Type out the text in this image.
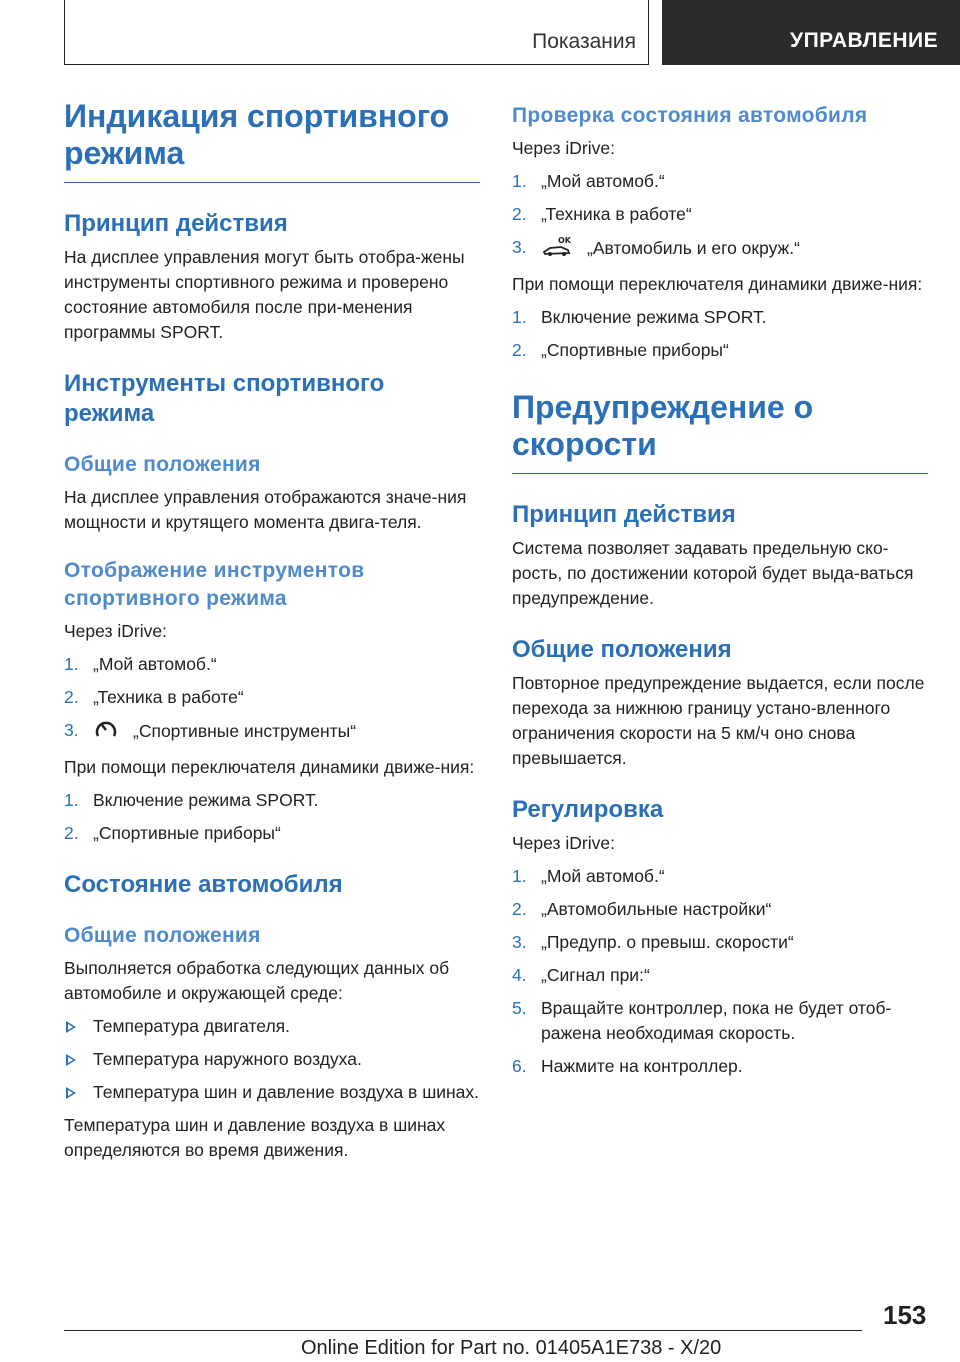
Показания	УПРАВЛЕНИЕ
Индикация спортивного режима
Принцип действия

На дисплее управления могут быть отобра-жены инструменты спортивного режима и проверено состояние автомобиля после при-менения программы SPORT.

Инструменты спортивного режима
Общие положения

На дисплее управления отображаются значе-ния мощности и крутящего момента двига-теля.

Отображение инструментов спортивного режима

Через iDrive:

1. „Мой автомоб.“
2. „Техника в работе“
3.	„Спортивные инструменты“

При помощи переключателя динамики движе-ния:

1. Включение режима SPORT.
2. „Спортивные приборы“
Состояние автомобиля
Общие положения

Выполняется обработка следующих данных об автомобиле и окружающей среде:

Температура двигателя.
Температура наружного воздуха.
Температура шин и давление воздуха в шинах.

Температура шин и давление воздуха в шинах определяются во время движения.

Проверка состояния автомобиля

Через iDrive:

1. „Мой автомоб.“
2. „Техника в работе“
3.	OK „Автомобиль и его окруж.“

При помощи переключателя динамики движе-ния:

1. Включение режима SPORT.
2. „Спортивные приборы“
Предупреждение о скорости
Принцип действия

Система позволяет задавать предельную ско-рость, по достижении которой будет выда-ваться предупреждение.

Общие положения

Повторное предупреждение выдается, если после перехода за нижнюю границу устано-вленного ограничения скорости на 5 км/ч оно снова превышается.

Регулировка

Через iDrive:

1. „Мой автомоб.“
2. „Автомобильные настройки“
3. „Предупр. о превыш. скорости“
4. „Сигнал при:“
5. Вращайте контроллер, пока не будет отоб-ражена необходимая скорость.
6. Нажмите на контроллер.
153
Online Edition for Part no. 01405A1E738 - X/20
